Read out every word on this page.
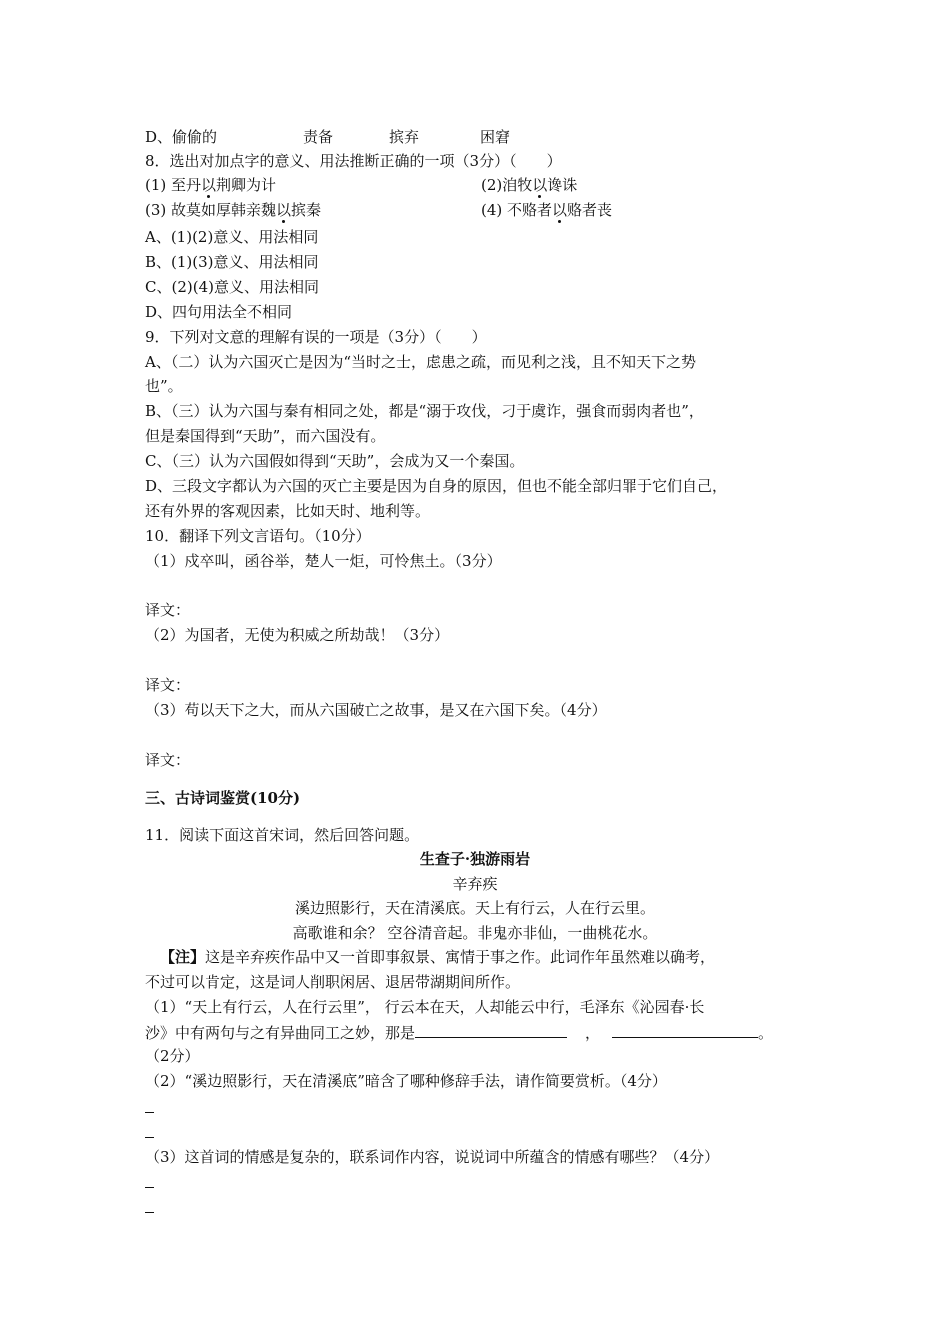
D、偷偷的	责备	摈弃	困窘
8．选出对加点字的意义、用法推断正确的一项（3分）（　　）
(1) 至丹以荆卿为计	(2)洎牧以谗诛
(3) 故莫如厚韩亲魏以摈秦	(4) 不赂者以赂者丧
A、(1)(2)意义、用法相同
B、(1)(3)意义、用法相同
C、(2)(4)意义、用法相同
D、四句用法全不相同
9．下列对文意的理解有误的一项是（3分）（　　）
A、（二）认为六国灭亡是因为“当时之士，虑患之疏，而见利之浅，且不知天下之势
也”。
B、（三）认为六国与秦有相同之处，都是“溺于攻伐，刁于虞诈，强食而弱肉者也”，
但是秦国得到“天助”，而六国没有。
C、（三）认为六国假如得到“天助”，会成为又一个秦国。
D、三段文字都认为六国的灭亡主要是因为自身的原因，但也不能全部归罪于它们自己，
还有外界的客观因素，比如天时、地利等。
10．翻译下列文言语句。（10分）
（1）戍卒叫，函谷举，楚人一炬，可怜焦土。（3分）
译文：
（2）为国者，无使为积威之所劫哉！（3分）
译文：
（3）苟以天下之大，而从六国破亡之故事，是又在六国下矣。（4分）
译文：
三、古诗词鉴赏(10分)
11．阅读下面这首宋词，然后回答问题。
生查子·独游雨岩
辛弃疾
溪边照影行，天在清溪底。天上有行云，人在行云里。
高歌谁和余？ 空谷清音起。非鬼亦非仙，一曲桃花水。
【注】这是辛弃疾作品中又一首即事叙景、寓情于事之作。此词作年虽然难以确考，
不过可以肯定，这是词人削职闲居、退居带湖期间所作。
（1）“天上有行云，人在行云里”， 行云本在天，人却能云中行，毛泽东《沁园春·长
沙》中有两句与之有异曲同工之妙，那是	，	。
（2分）
（2）“溪边照影行，天在清溪底”暗含了哪种修辞手法，请作简要赏析。（4分）
（3）这首词的情感是复杂的，联系词作内容，说说词中所蕴含的情感有哪些？（4分）
